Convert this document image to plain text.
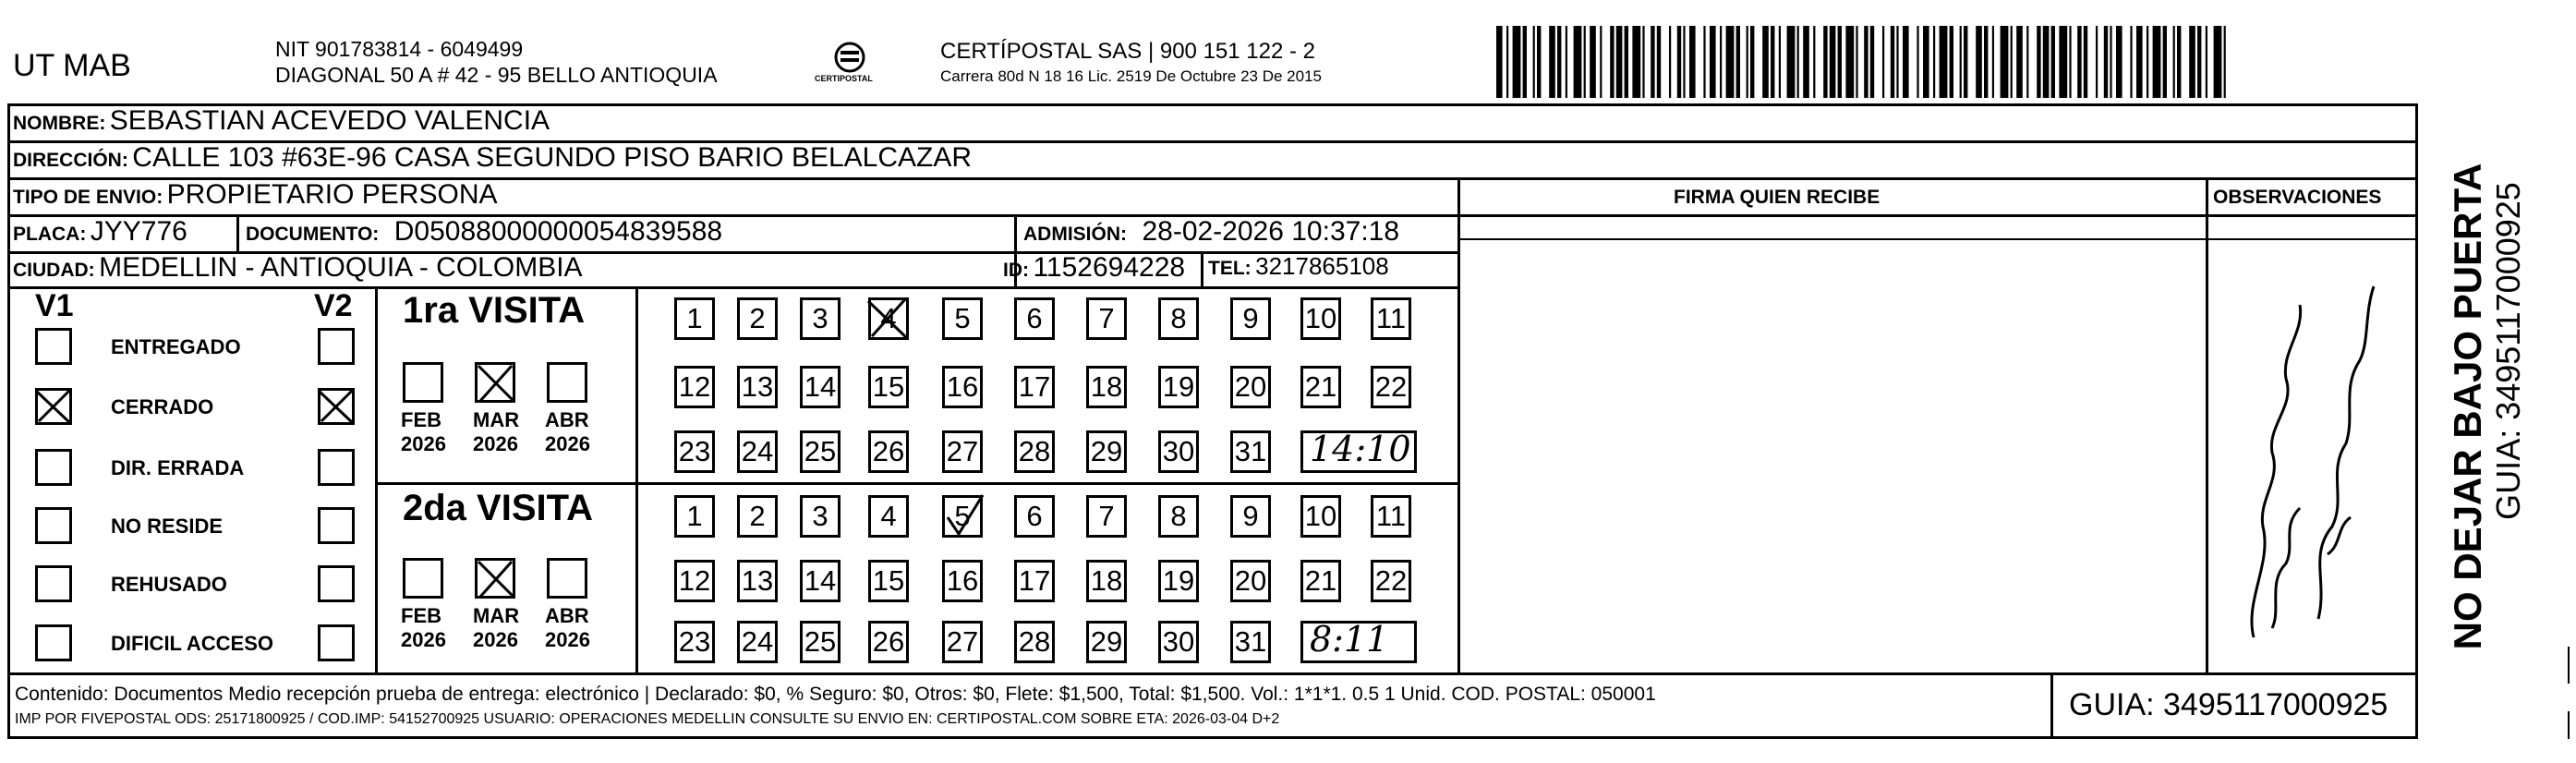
UT MAB	NIT 901783814 - 6049499
DIAGONAL 50 A # 42 - 95 BELLO ANTIOQUIA	CERTIPOSTAL
CERTÍPOSTAL SAS | 900 151 122 - 2
Carrera 80d N 18 16 Lic. 2519 De Octubre 23 De 2015
NOMBRE: SEBASTIAN ACEVEDO VALENCIA
DIRECCIÓN: CALLE 103 #63E-96 CASA SEGUNDO PISO BARIO BELALCAZAR
TIPO DE ENVIO: PROPIETARIO PERSONA	FIRMA QUIEN RECIBE	OBSERVACIONES
PLACA: JYY776	DOCUMENTO: D05088000000054839588	ADMISIÓN: 28-02-2026 10:37:18
CIUDAD: MEDELLIN - ANTIOQUIA - COLOMBIA	ID: 1152694228 TEL: 3217865108
V1	V2
ENTREGADO
CERRADO
DIR. ERRADA
NO RESIDE
REHUSADO
DIFICIL ACCESO
1ra VISITA
2da VISITA
FEB
2026
MAR
2026
ABR
2026
1	2	3	4	5	6	7	8	9	10 11
12 13 14 15 16 17 18 19 20 21 22
23 24 25 26 27 28 29 30 31 14:10
FEB
2026
MAR
2026
ABR
2026
1	2	3	4	5	6	7	8	9	10 11
12 13 14 15 16 17 18 19 20 21 22
23 24 25 26 27 28 29 30 31 8:11
Contenido: Documentos Medio recepción prueba de entrega: electrónico | Declarado: $0, % Seguro: $0, Otros: $0, Flete: $1,500, Total: $1,500. Vol.: 1*1*1. 0.5 1 Unid. COD. POSTAL: 050001
IMP POR FIVEPOSTAL ODS: 25171800925 / COD.IMP: 54152700925 USUARIO: OPERACIONES MEDELLIN CONSULTE SU ENVIO EN: CERTIPOSTAL.COM SOBRE ETA: 2026-03-04 D+2	GUIA: 3495117000925
NO DEJAR BAJO PUERTA GUIA: 3495117000925
